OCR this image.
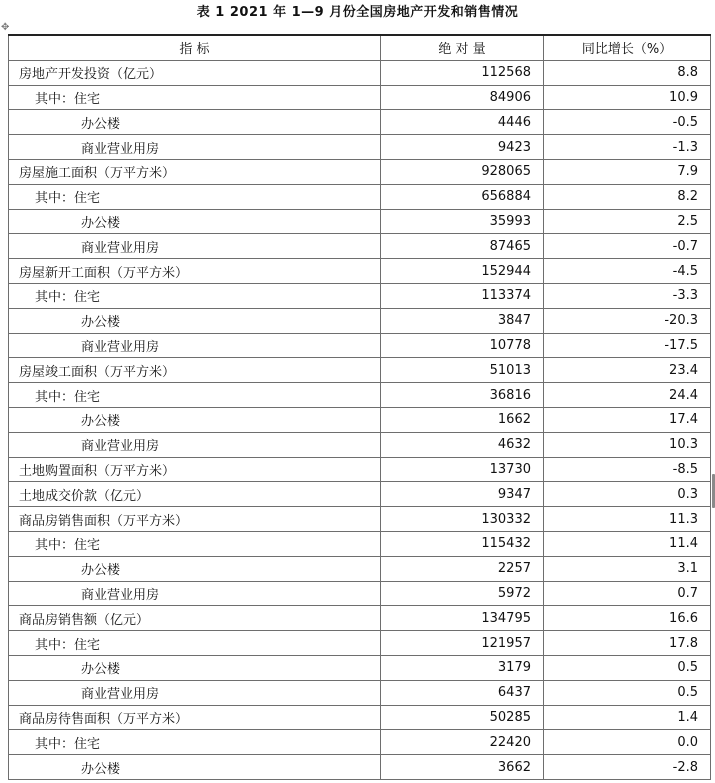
表 1 2021 年 1—9 月份全国房地产开发和销售情况
✥
指 标	绝 对 量	同比增长（%）
房地产开发投资（亿元）	112568	8.8
其中：住宅	84906	10.9
办公楼	4446	-0.5
商业营业用房	9423	-1.3
房屋施工面积（万平方米）	928065	7.9
其中：住宅	656884	8.2
办公楼	35993	2.5
商业营业用房	87465	-0.7
房屋新开工面积（万平方米）	152944	-4.5
其中：住宅	113374	-3.3
办公楼	3847	-20.3
商业营业用房	10778	-17.5
房屋竣工面积（万平方米）	51013	23.4
其中：住宅	36816	24.4
办公楼	1662	17.4
商业营业用房	4632	10.3
土地购置面积（万平方米）	13730	-8.5
土地成交价款（亿元）	9347	0.3
商品房销售面积（万平方米）	130332	11.3
其中：住宅	115432	11.4
办公楼	2257	3.1
商业营业用房	5972	0.7
商品房销售额（亿元）	134795	16.6
其中：住宅	121957	17.8
办公楼	3179	0.5
商业营业用房	6437	0.5
商品房待售面积（万平方米）	50285	1.4
其中：住宅	22420	0.0
办公楼	3662	-2.8
